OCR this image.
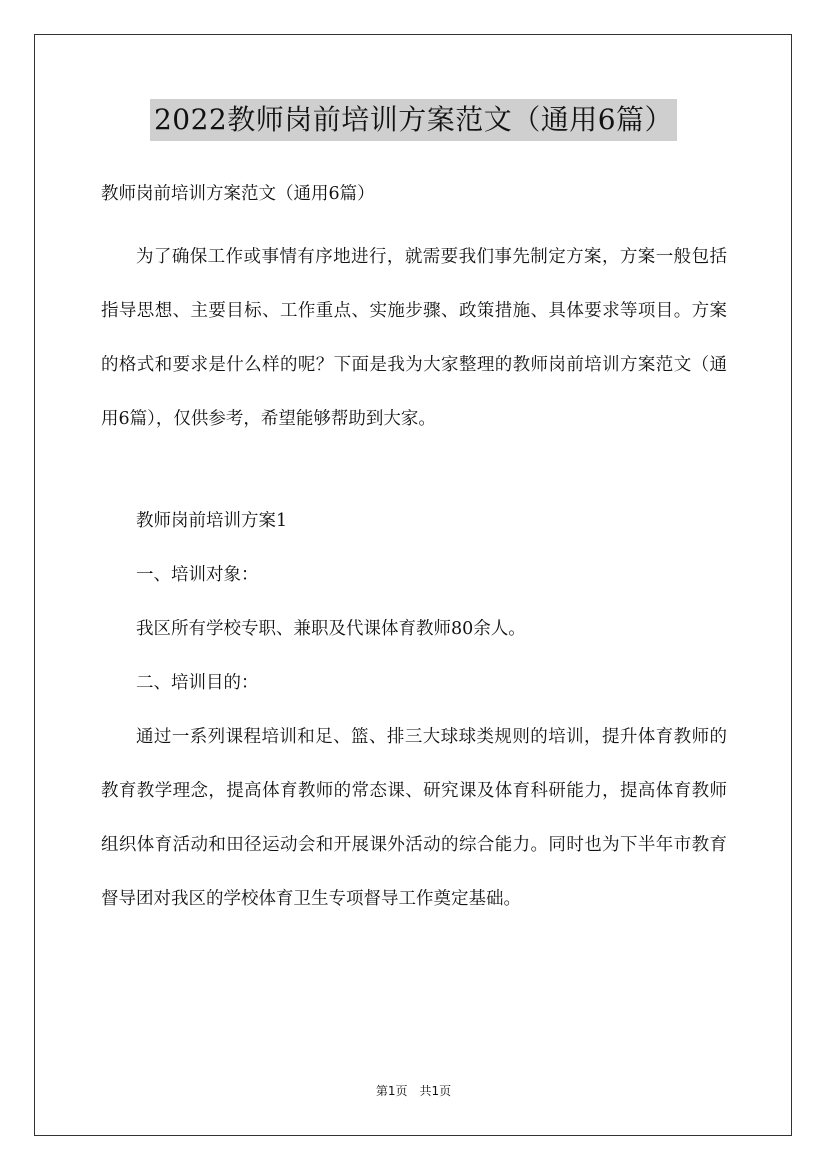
2022教师岗前培训方案范文（通用6篇）

教师岗前培训方案范文（通用6篇）

为了确保工作或事情有序地进行，就需要我们事先制定方案，方案一般包括指导思想、主要目标、工作重点、实施步骤、政策措施、具体要求等项目。方案的格式和要求是什么样的呢？下面是我为大家整理的教师岗前培训方案范文（通用6篇），仅供参考，希望能够帮助到大家。

教师岗前培训方案1

一、培训对象：

我区所有学校专职、兼职及代课体育教师80余人。

二、培训目的：

通过一系列课程培训和足、篮、排三大球球类规则的培训，提升体育教师的教育教学理念，提高体育教师的常态课、研究课及体育科研能力，提高体育教师组织体育活动和田径运动会和开展课外活动的综合能力。同时也为下半年市教育督导团对我区的学校体育卫生专项督导工作奠定基础。

第1页　共1页
